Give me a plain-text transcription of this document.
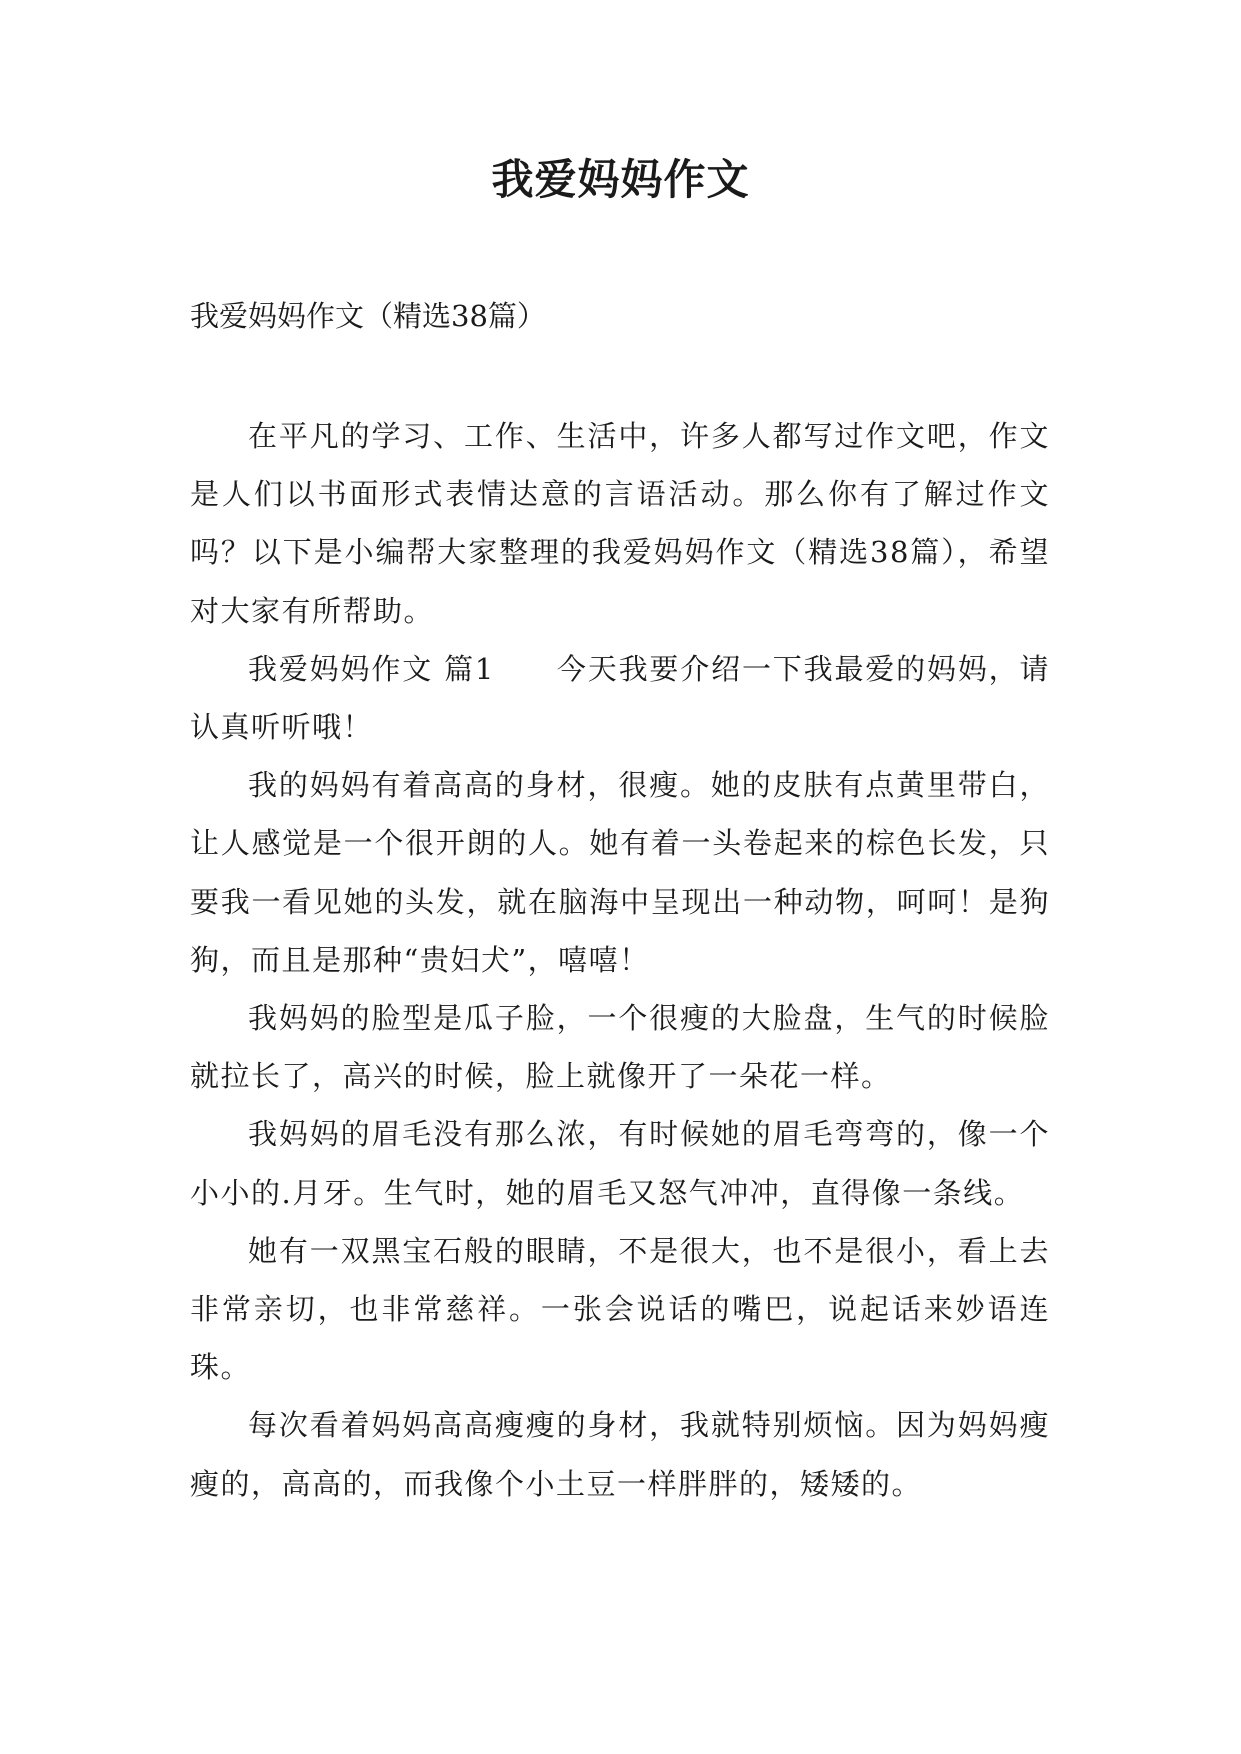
我爱妈妈作文
我爱妈妈作文（精选38篇）

在平凡的学习、工作、生活中，许多人都写过作文吧，作文是人们以书面形式表情达意的言语活动。那么你有了解过作文吗？以下是小编帮大家整理的我爱妈妈作文（精选38篇），希望对大家有所帮助。

我爱妈妈作文 篇1　　今天我要介绍一下我最爱的妈妈，请认真听听哦！

我的妈妈有着高高的身材，很瘦。她的皮肤有点黄里带白，让人感觉是一个很开朗的人。她有着一头卷起来的棕色长发，只要我一看见她的头发，就在脑海中呈现出一种动物，呵呵！是狗狗，而且是那种“贵妇犬”，嘻嘻！

我妈妈的脸型是瓜子脸，一个很瘦的大脸盘，生气的时候脸就拉长了，高兴的时候，脸上就像开了一朵花一样。

我妈妈的眉毛没有那么浓，有时候她的眉毛弯弯的，像一个小小的.月牙。生气时，她的眉毛又怒气冲冲，直得像一条线。

她有一双黑宝石般的眼睛，不是很大，也不是很小，看上去非常亲切，也非常慈祥。一张会说话的嘴巴，说起话来妙语连珠。

每次看着妈妈高高瘦瘦的身材，我就特别烦恼。因为妈妈瘦瘦的，高高的，而我像个小土豆一样胖胖的，矮矮的。
